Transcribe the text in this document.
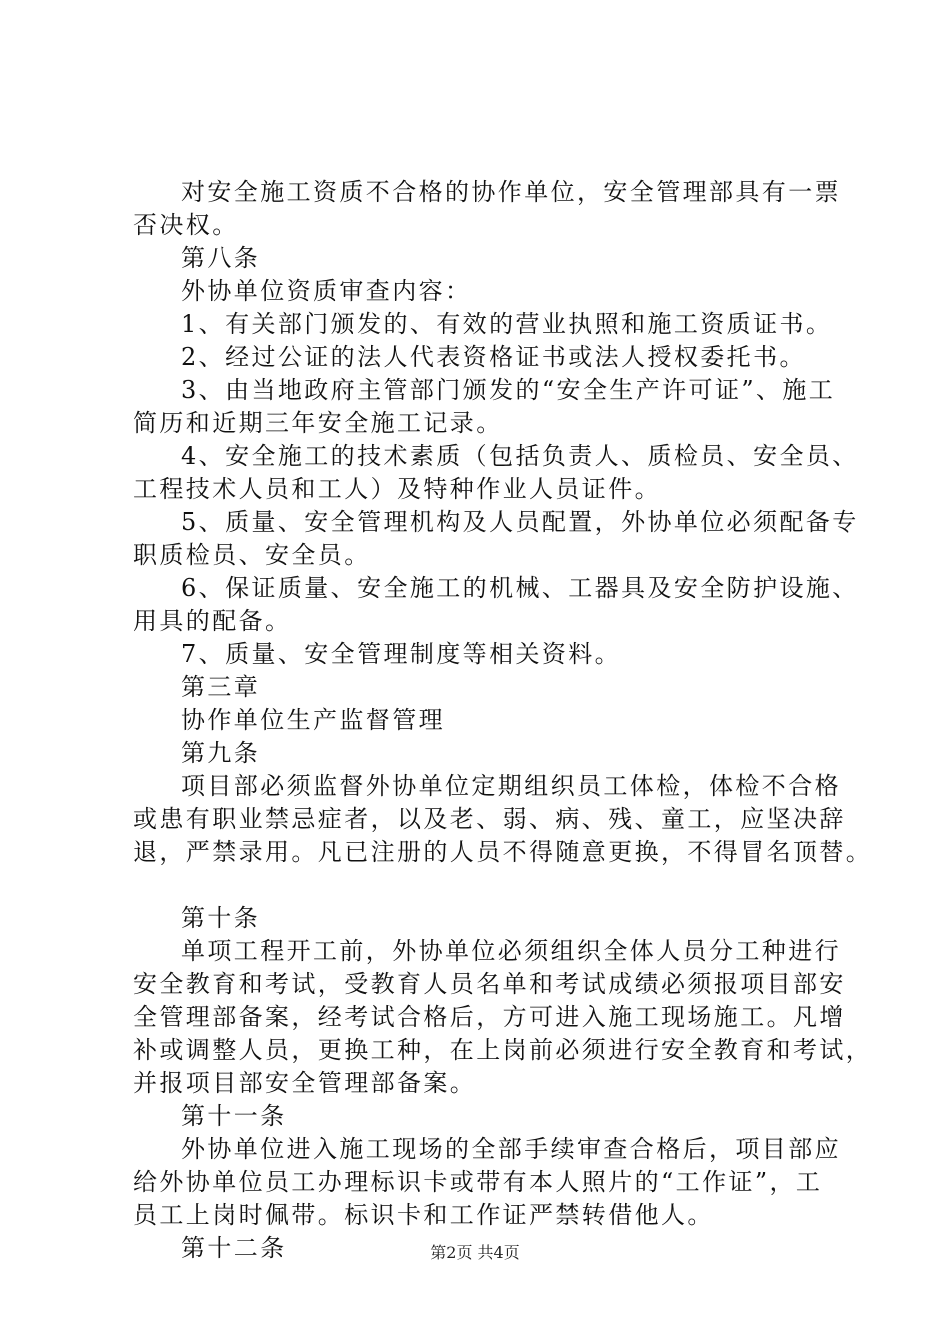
对安全施工资质不合格的协作单位，安全管理部具有一票
否决权。
第八条
外协单位资质审查内容：
1、有关部门颁发的、有效的营业执照和施工资质证书。
2、经过公证的法人代表资格证书或法人授权委托书。
3、由当地政府主管部门颁发的“安全生产许可证”、施工
简历和近期三年安全施工记录。
4、安全施工的技术素质（包括负责人、质检员、安全员、
工程技术人员和工人）及特种作业人员证件。
5、质量、安全管理机构及人员配置，外协单位必须配备专
职质检员、安全员。
6、保证质量、安全施工的机械、工器具及安全防护设施、
用具的配备。
7、质量、安全管理制度等相关资料。
第三章
协作单位生产监督管理
第九条
项目部必须监督外协单位定期组织员工体检，体检不合格
或患有职业禁忌症者，以及老、弱、病、残、童工，应坚决辞
退，严禁录用。凡已注册的人员不得随意更换，不得冒名顶替。
第十条
单项工程开工前，外协单位必须组织全体人员分工种进行
安全教育和考试，受教育人员名单和考试成绩必须报项目部安
全管理部备案，经考试合格后，方可进入施工现场施工。凡增
补或调整人员，更换工种，在上岗前必须进行安全教育和考试，
并报项目部安全管理部备案。
第十一条
外协单位进入施工现场的全部手续审查合格后，项目部应
给外协单位员工办理标识卡或带有本人照片的“工作证”，工
员工上岗时佩带。标识卡和工作证严禁转借他人。
第十二条	第2页 共4页
